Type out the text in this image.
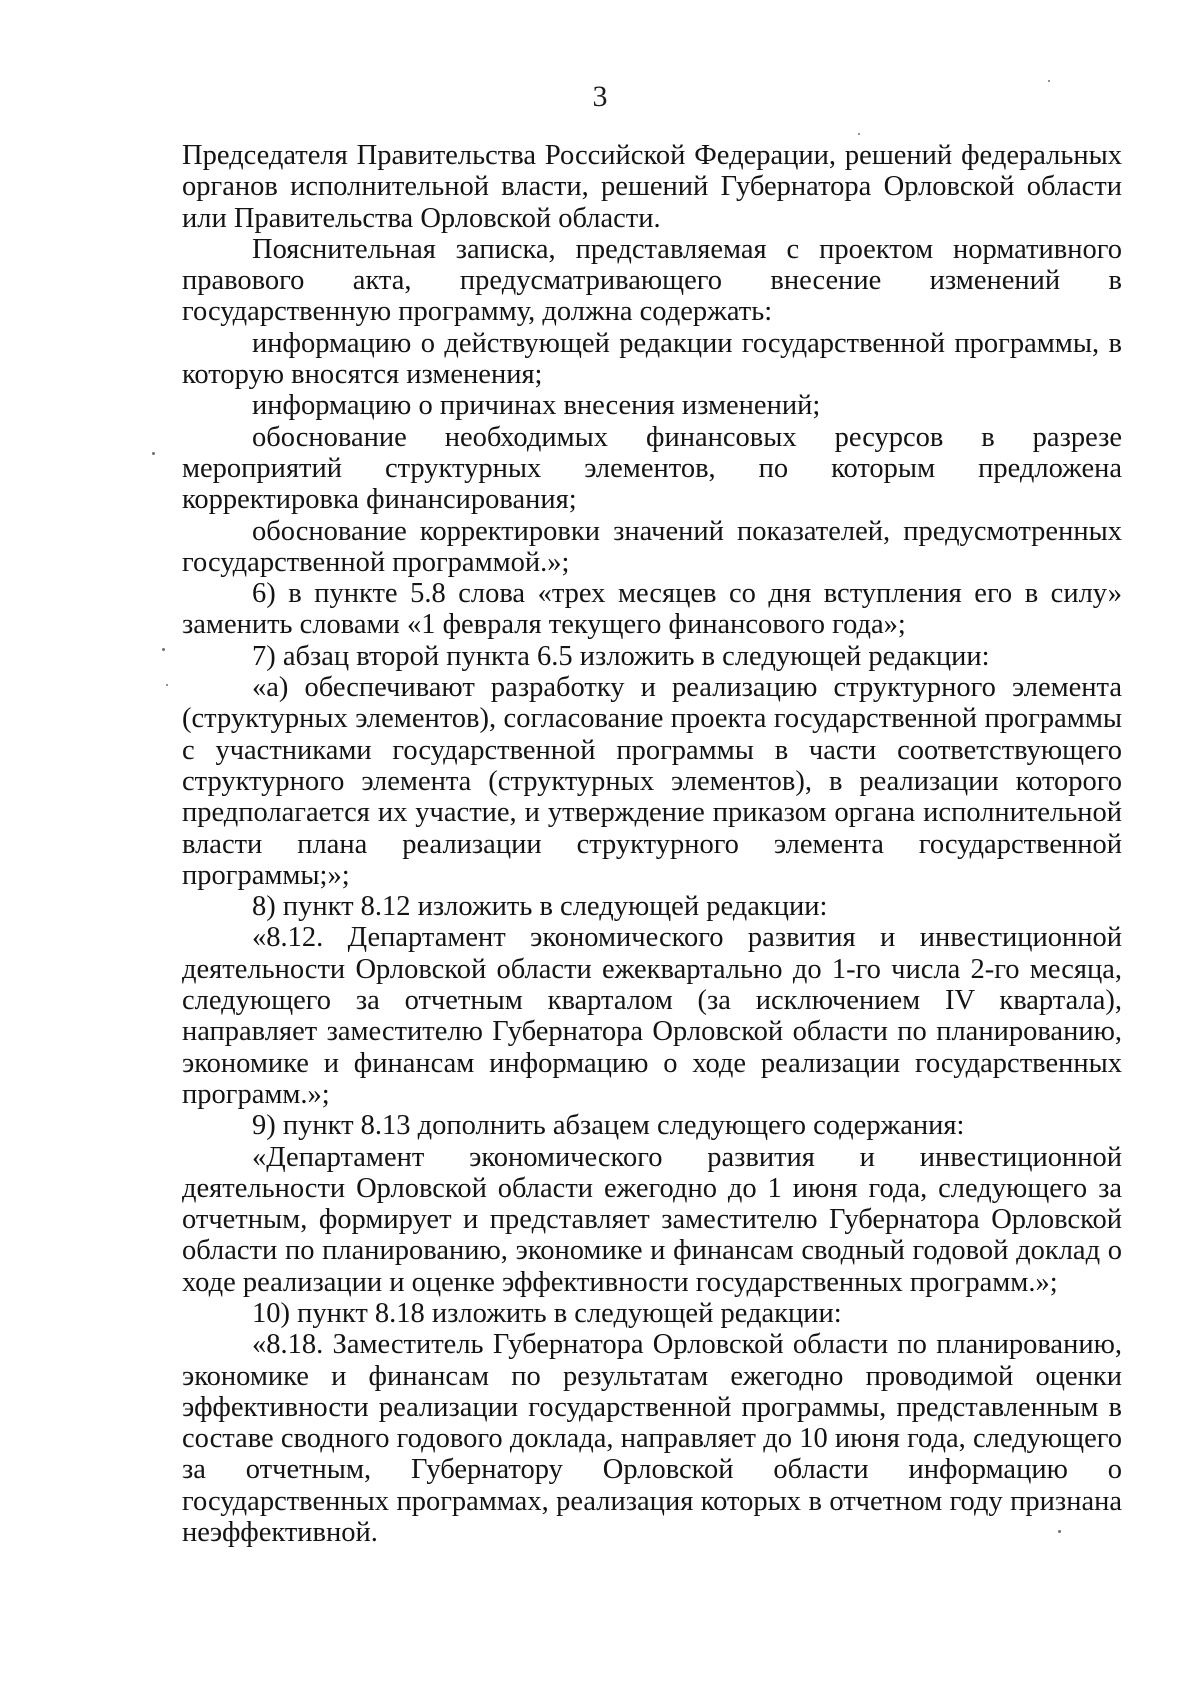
3

Председателя Правительства Российской Федерации, решений федеральных органов исполнительной власти, решений Губернатора Орловской области или Правительства Орловской области.

Пояснительная записка, представляемая с проектом нормативного правового акта, предусматривающего внесение изменений в государственную программу, должна содержать:

информацию о действующей редакции государственной программы, в которую вносятся изменения;

информацию о причинах внесения изменений;

обоснование необходимых финансовых ресурсов в разрезе мероприятий структурных элементов, по которым предложена корректировка финансирования;

обоснование корректировки значений показателей, предусмотренных государственной программой.»;

6) в пункте 5.8 слова «трех месяцев со дня вступления его в силу» заменить словами «1 февраля текущего финансового года»;

7) абзац второй пункта 6.5 изложить в следующей редакции:

«а) обеспечивают разработку и реализацию структурного элемента (структурных элементов), согласование проекта государственной программы с участниками государственной программы в части соответствующего структурного элемента (структурных элементов), в реализации которого предполагается их участие, и утверждение приказом органа исполнительной власти плана реализации структурного элемента государственной программы;»;

8) пункт 8.12 изложить в следующей редакции:

«8.12. Департамент экономического развития и инвестиционной деятельности Орловской области ежеквартально до 1-го числа 2-го месяца, следующего за отчетным кварталом (за исключением IV квартала), направляет заместителю Губернатора Орловской области по планированию, экономике и финансам информацию о ходе реализации государственных программ.»;

9) пункт 8.13 дополнить абзацем следующего содержания:

«Департамент экономического развития и инвестиционной деятельности Орловской области ежегодно до 1 июня года, следующего за отчетным, формирует и представляет заместителю Губернатора Орловской области по планированию, экономике и финансам сводный годовой доклад о ходе реализации и оценке эффективности государственных программ.»;

10) пункт 8.18 изложить в следующей редакции:

«8.18. Заместитель Губернатора Орловской области по планированию, экономике и финансам по результатам ежегодно проводимой оценки эффективности реализации государственной программы, представленным в составе сводного годового доклада, направляет до 10 июня года, следующего за отчетным, Губернатору Орловской области информацию о государственных программах, реализация которых в отчетном году признана неэффективной.
